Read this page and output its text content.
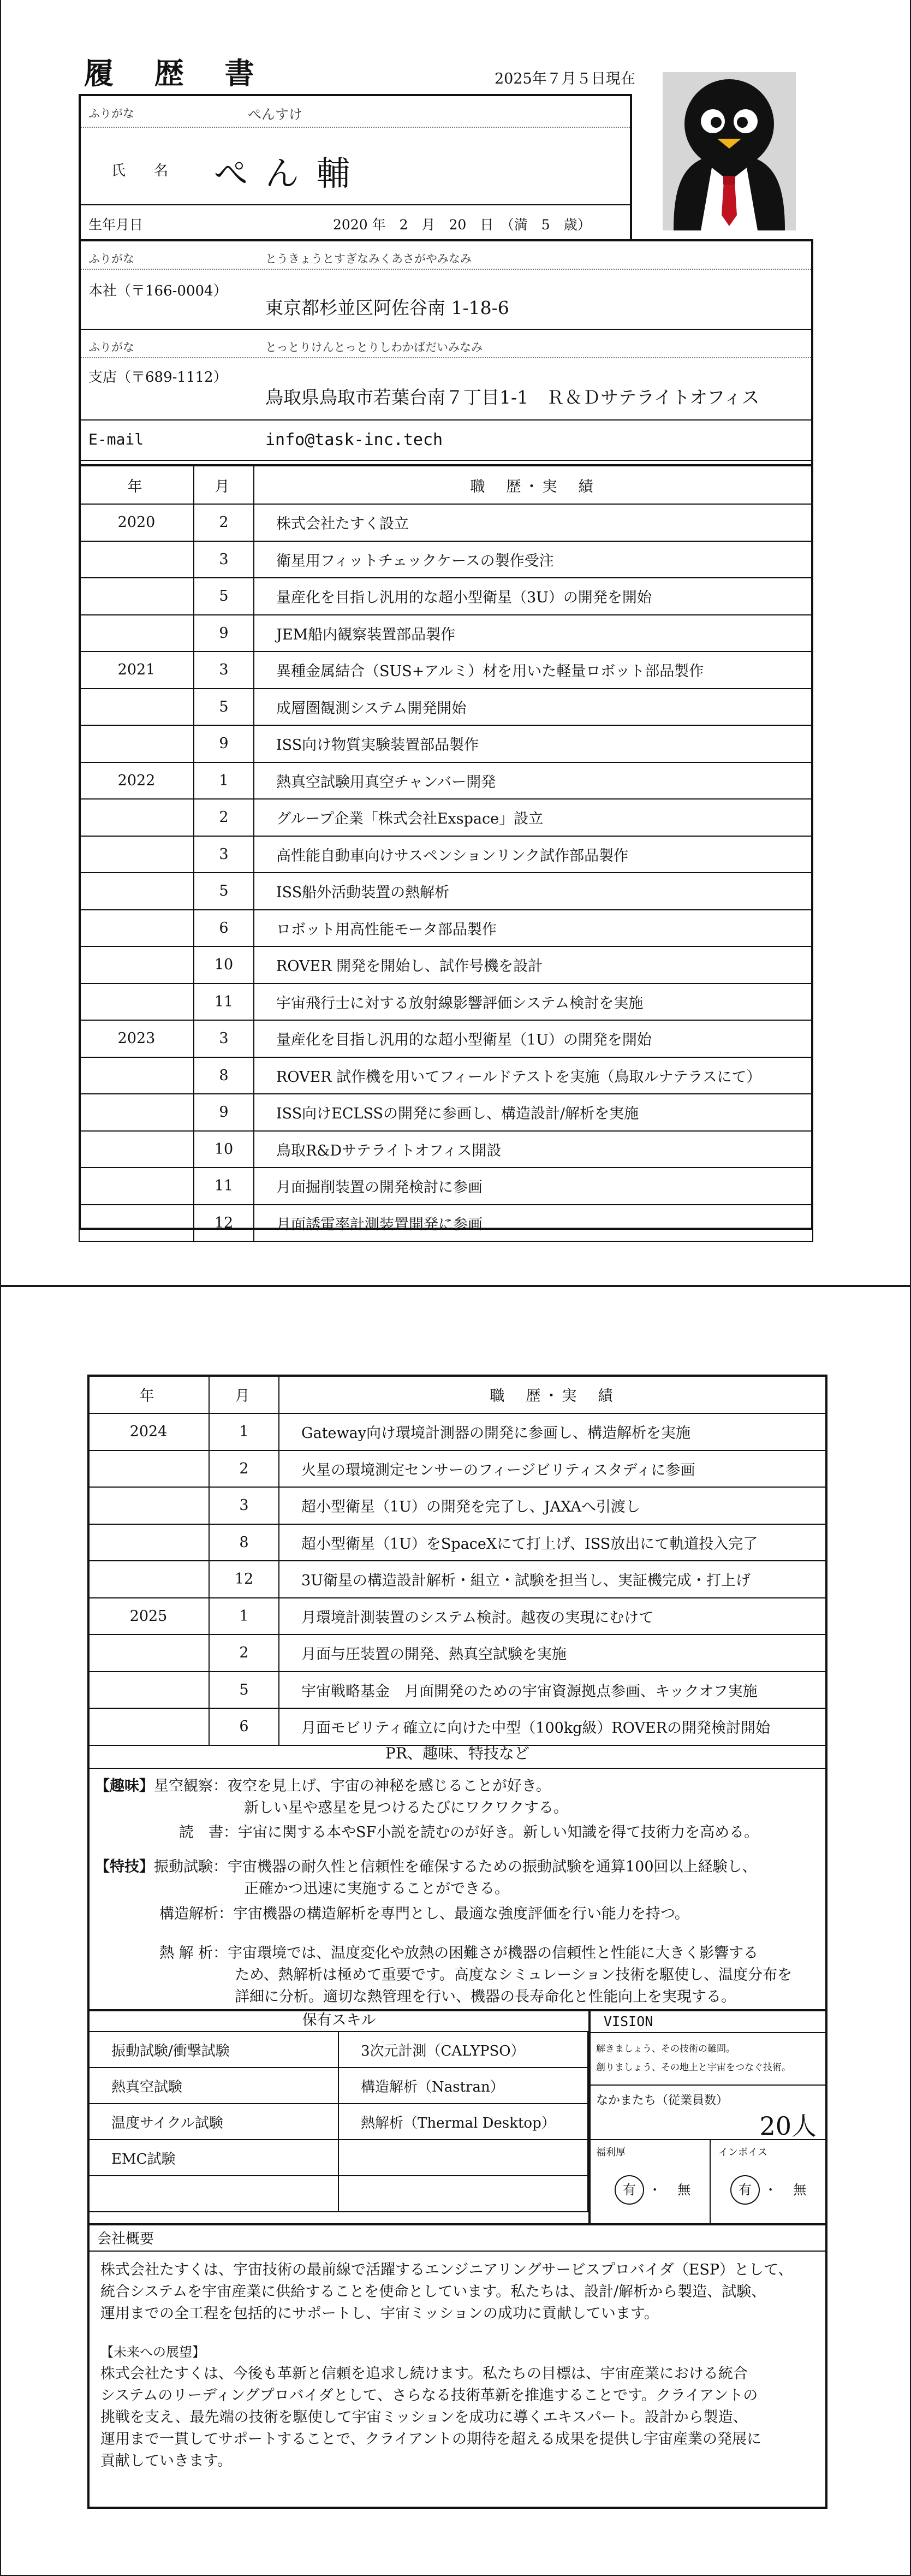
履 歴 書	2025年７月５日現在
ふりがな	ぺんすけ
氏　　名 ぺ ん 輔
生年月日	2020 年　2　月　20　日　（満　5　歳）
ふりがな	とうきょうとすぎなみくあさがやみなみ
本社（〒166-0004）
東京都杉並区阿佐谷南 1-18-6
ふりがな	とっとりけんとっとりしわかばだいみなみ
支店（〒689-1112）
鳥取県鳥取市若葉台南７丁目1-1　Ｒ＆Ｄサテライトオフィス
E-mail	info@task-inc.tech
年	月	職　歴・実　績
2020	2	株式会社たすく設立
	3	衛星用フィットチェックケースの製作受注
	5	量産化を目指し汎用的な超小型衛星（3U）の開発を開始
	9	JEM船内観察装置部品製作
2021	3	異種金属結合（SUS+アルミ）材を用いた軽量ロボット部品製作
	5	成層圏観測システム開発開始
	9	ISS向け物質実験装置部品製作
2022	1	熱真空試験用真空チャンバー開発
	2	グループ企業「株式会社Exspace」設立
	3	高性能自動車向けサスペンションリンク試作部品製作
	5	ISS船外活動装置の熱解析
	6	ロボット用高性能モータ部品製作
	10	ROVER 開発を開始し、試作号機を設計
	11	宇宙飛行士に対する放射線影響評価システム検討を実施
2023	3	量産化を目指し汎用的な超小型衛星（1U）の開発を開始
	8	ROVER 試作機を用いてフィールドテストを実施（鳥取ルナテラスにて）
	9	ISS向けECLSSの開発に参画し、構造設計/解析を実施
	10	鳥取R&Dサテライトオフィス開設
	11	月面掘削装置の開発検討に参画
	12	月面誘電率計測装置開発に参画
年	月	職　歴・実　績
2024	1	Gateway向け環境計測器の開発に参画し、構造解析を実施
	2	火星の環境測定センサーのフィージビリティスタディに参画
	3	超小型衛星（1U）の開発を完了し、JAXAへ引渡し
	8	超小型衛星（1U）をSpaceXにて打上げ、ISS放出にて軌道投入完了
	12	3U衛星の構造設計解析・組立・試験を担当し、実証機完成・打上げ
2025	1	月環境計測装置のシステム検討。越夜の実現にむけて
	2	月面与圧装置の開発、熱真空試験を実施
	5	宇宙戦略基金　月面開発のための宇宙資源拠点参画、キックオフ実施
	6	月面モビリティ確立に向けた中型（100kg級）ROVERの開発検討開始
PR、趣味、特技など
【趣味】星空観察：夜空を見上げ、宇宙の神秘を感じることが好き。
新しい星や惑星を見つけるたびにワクワクする。
読　書：宇宙に関する本やSF小説を読むのが好き。新しい知識を得て技術力を高める。
【特技】振動試験：宇宙機器の耐久性と信頼性を確保するための振動試験を通算100回以上経験し、
正確かつ迅速に実施することができる。
構造解析：宇宙機器の構造解析を専門とし、最適な強度評価を行い能力を持つ。
熱 解 析：宇宙環境では、温度変化や放熱の困難さが機器の信頼性と性能に大きく影響する
ため、熱解析は極めて重要です。高度なシミュレーション技術を駆使し、温度分布を
詳細に分析。適切な熱管理を行い、機器の長寿命化と性能向上を実現する。
保有スキル
振動試験/衝撃試験	3次元計測（CALYPSO）
熱真空試験	構造解析（Nastran）
温度サイクル試験	熱解析（Thermal Desktop）
EMC試験	

VISION
解きましょう、その技術の難問。
創りましょう、その地上と宇宙をつなぐ技術。
なかまたち（従業員数）
20人
福利厚
有 ・ 無
インボイス
有 ・ 無
会社概要
株式会社たすくは、宇宙技術の最前線で活躍するエンジニアリングサービスプロバイダ（ESP）として、
統合システムを宇宙産業に供給することを使命としています。私たちは、設計/解析から製造、試験、
運用までの全工程を包括的にサポートし、宇宙ミッションの成功に貢献しています。
【未来への展望】
株式会社たすくは、今後も革新と信頼を追求し続けます。私たちの目標は、宇宙産業における統合
システムのリーディングプロバイダとして、さらなる技術革新を推進することです。クライアントの
挑戦を支え、最先端の技術を駆使して宇宙ミッションを成功に導くエキスパート。設計から製造、
運用まで一貫してサポートすることで、クライアントの期待を超える成果を提供し宇宙産業の発展に
貢献していきます。
